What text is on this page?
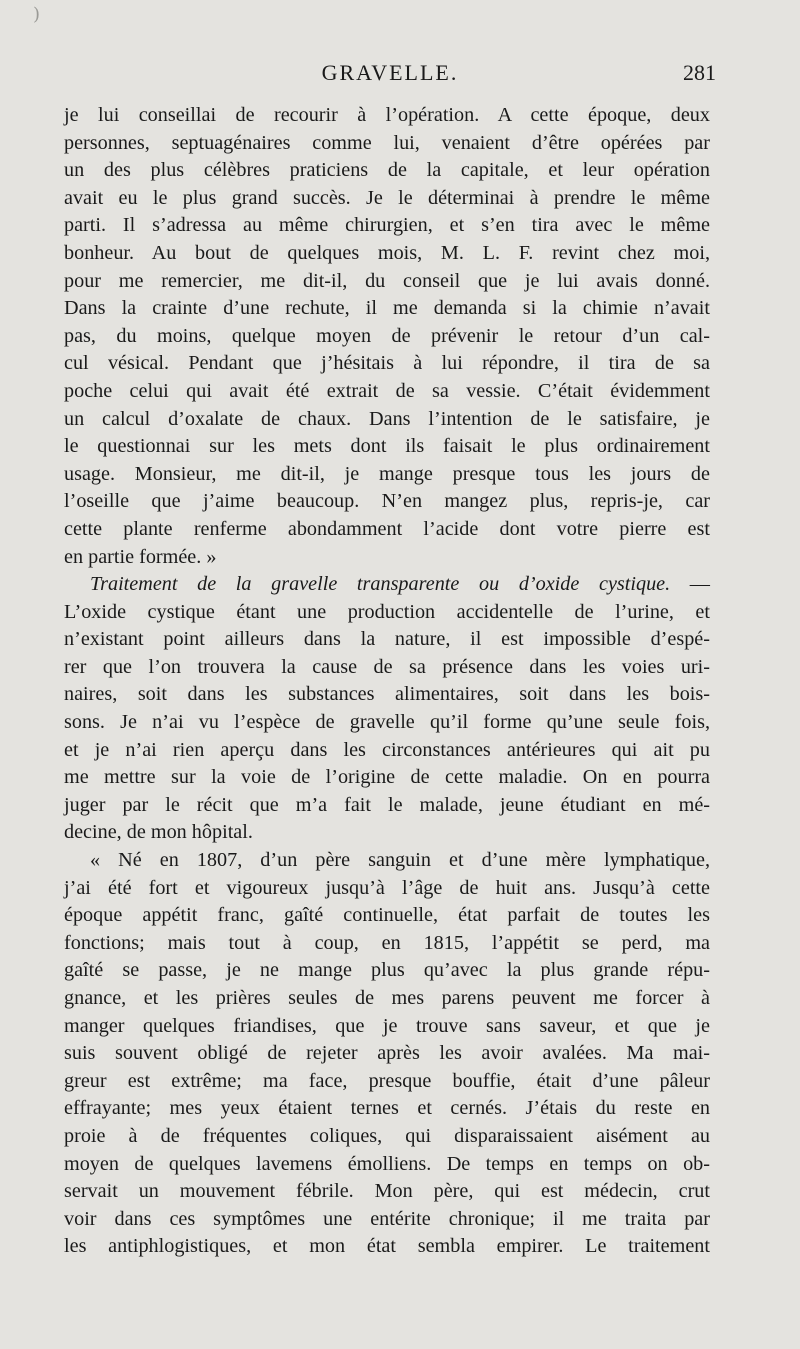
)
GRAVELLE.	281
je lui conseillai de recourir à l’opération. A cette époque, deux
personnes, septuagénaires comme lui, venaient d’être opérées par
un des plus célèbres praticiens de la capitale, et leur opération
avait eu le plus grand succès. Je le déterminai à prendre le même
parti. Il s’adressa au même chirurgien, et s’en tira avec le même
bonheur. Au bout de quelques mois, M. L. F. revint chez moi,
pour me remercier, me dit-il, du conseil que je lui avais donné.
Dans la crainte d’une rechute, il me demanda si la chimie n’avait
pas, du moins, quelque moyen de prévenir le retour d’un cal-
cul vésical. Pendant que j’hésitais à lui répondre, il tira de sa
poche celui qui avait été extrait de sa vessie. C’était évidemment
un calcul d’oxalate de chaux. Dans l’intention de le satisfaire, je
le questionnai sur les mets dont ils faisait le plus ordinairement
usage. Monsieur, me dit-il, je mange presque tous les jours de
l’oseille que j’aime beaucoup. N’en mangez plus, repris-je, car
cette plante renferme abondamment l’acide dont votre pierre est
en partie formée. »
Traitement de la gravelle transparente ou d’oxide cystique. —
L’oxide cystique étant une production accidentelle de l’urine, et
n’existant point ailleurs dans la nature, il est impossible d’espé-
rer que l’on trouvera la cause de sa présence dans les voies uri-
naires, soit dans les substances alimentaires, soit dans les bois-
sons. Je n’ai vu l’espèce de gravelle qu’il forme qu’une seule fois,
et je n’ai rien aperçu dans les circonstances antérieures qui ait pu
me mettre sur la voie de l’origine de cette maladie. On en pourra
juger par le récit que m’a fait le malade, jeune étudiant en mé-
decine, de mon hôpital.
« Né en 1807, d’un père sanguin et d’une mère lymphatique,
j’ai été fort et vigoureux jusqu’à l’âge de huit ans. Jusqu’à cette
époque appétit franc, gaîté continuelle, état parfait de toutes les
fonctions; mais tout à coup, en 1815, l’appétit se perd, ma
gaîté se passe, je ne mange plus qu’avec la plus grande répu-
gnance, et les prières seules de mes parens peuvent me forcer à
manger quelques friandises, que je trouve sans saveur, et que je
suis souvent obligé de rejeter après les avoir avalées. Ma mai-
greur est extrême; ma face, presque bouffie, était d’une pâleur
effrayante; mes yeux étaient ternes et cernés. J’étais du reste en
proie à de fréquentes coliques, qui disparaissaient aisément au
moyen de quelques lavemens émolliens. De temps en temps on ob-
servait un mouvement fébrile. Mon père, qui est médecin, crut
voir dans ces symptômes une entérite chronique; il me traita par
les antiphlogistiques, et mon état sembla empirer. Le traitement
